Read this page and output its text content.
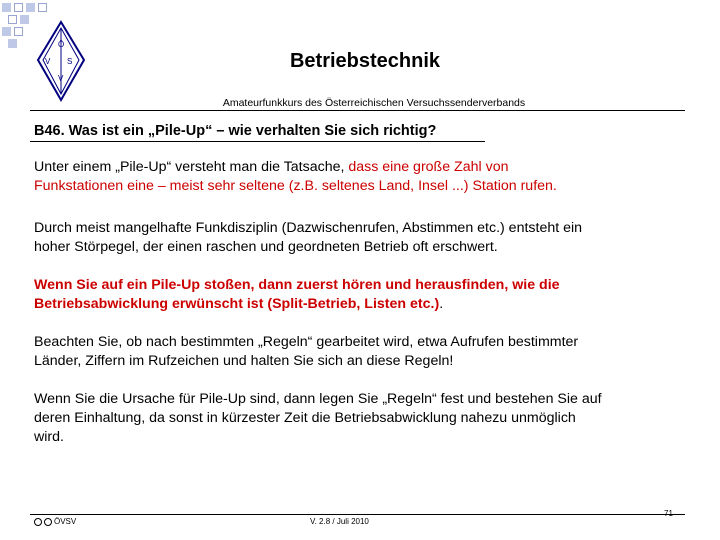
Ö
V S
V
Betriebstechnik
Amateurfunkkurs des Österreichischen Versuchssenderverbands
B46. Was ist ein „Pile-Up“ – wie verhalten Sie sich richtig?
Unter einem „Pile-Up“ versteht man die Tatsache, dass eine große Zahl von
Funkstationen eine – meist sehr seltene (z.B. seltenes Land, Insel ...) Station rufen.
Durch meist mangelhafte Funkdisziplin (Dazwischenrufen, Abstimmen etc.) entsteht ein
hoher Störpegel, der einen raschen und geordneten Betrieb oft erschwert.
Wenn Sie auf ein Pile-Up stoßen, dann zuerst hören und herausfinden, wie die
Betriebsabwicklung erwünscht ist (Split-Betrieb, Listen etc.).
Beachten Sie, ob nach bestimmten „Regeln“ gearbeitet wird, etwa Aufrufen bestimmter
Länder, Ziffern im Rufzeichen und halten Sie sich an diese Regeln!
Wenn Sie die Ursache für Pile-Up sind, dann legen Sie „Regeln“ fest und bestehen Sie auf
deren Einhaltung, da sonst in kürzester Zeit die Betriebsabwicklung nahezu unmöglich
wird.
ÖVSV	V. 2.8 / Juli 2010
71
